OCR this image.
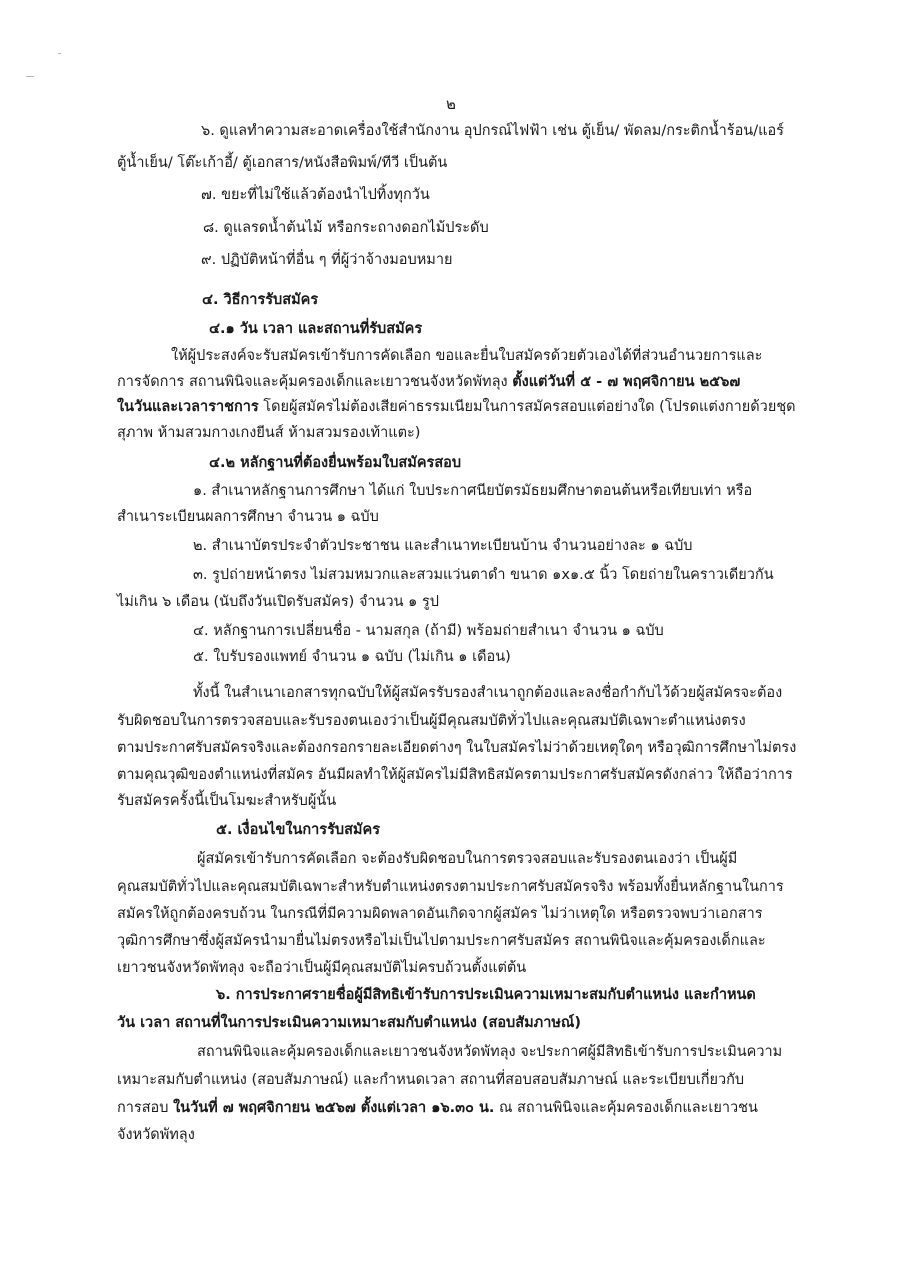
๒
๖. ดูแลทำความสะอาดเครื่องใช้สำนักงาน อุปกรณ์ไฟฟ้า เช่น ตู้เย็น/ พัดลม/กระติกน้ำร้อน/แอร์
ตู้น้ำเย็น/ โต๊ะเก้าอี้/ ตู้เอกสาร/หนังสือพิมพ์/ทีวี เป็นต้น
๗. ขยะที่ไม่ใช้แล้วต้องนำไปทิ้งทุกวัน
๘. ดูแลรดน้ำต้นไม้ หรือกระถางดอกไม้ประดับ
๙. ปฏิบัติหน้าที่อื่น ๆ ที่ผู้ว่าจ้างมอบหมาย
๔. วิธีการรับสมัคร
๔.๑ วัน เวลา และสถานที่รับสมัคร
ให้ผู้ประสงค์จะรับสมัครเข้ารับการคัดเลือก ขอและยื่นใบสมัครด้วยตัวเองได้ที่ส่วนอำนวยการและ
การจัดการ สถานพินิจและคุ้มครองเด็กและเยาวชนจังหวัดพัทลุง ตั้งแต่วันที่ ๕ - ๗ พฤศจิกายน ๒๕๖๗
ในวันและเวลาราชการ โดยผู้สมัครไม่ต้องเสียค่าธรรมเนียมในการสมัครสอบแต่อย่างใด (โปรดแต่งกายด้วยชุด
สุภาพ ห้ามสวมกางเกงยีนส์ ห้ามสวมรองเท้าแตะ)
๔.๒ หลักฐานที่ต้องยื่นพร้อมใบสมัครสอบ
๑. สำเนาหลักฐานการศึกษา ได้แก่ ใบประกาศนียบัตรมัธยมศึกษาตอนต้นหรือเทียบเท่า หรือ
สำเนาระเบียนผลการศึกษา จำนวน ๑ ฉบับ
๒. สำเนาบัตรประจำตัวประชาชน และสำเนาทะเบียนบ้าน จำนวนอย่างละ ๑ ฉบับ
๓. รูปถ่ายหน้าตรง ไม่สวมหมวกและสวมแว่นตาดำ ขนาด ๑x๑.๕ นิ้ว โดยถ่ายในคราวเดียวกัน
ไม่เกิน ๖ เดือน (นับถึงวันเปิดรับสมัคร) จำนวน ๑ รูป
๔. หลักฐานการเปลี่ยนชื่อ - นามสกุล (ถ้ามี) พร้อมถ่ายสำเนา จำนวน ๑ ฉบับ
๕. ใบรับรองแพทย์ จำนวน ๑ ฉบับ (ไม่เกิน ๑ เดือน)
ทั้งนี้ ในสำเนาเอกสารทุกฉบับให้ผู้สมัครรับรองสำเนาถูกต้องและลงชื่อกำกับไว้ด้วยผู้สมัครจะต้อง
รับผิดชอบในการตรวจสอบและรับรองตนเองว่าเป็นผู้มีคุณสมบัติทั่วไปและคุณสมบัติเฉพาะตำแหน่งตรง
ตามประกาศรับสมัครจริงและต้องกรอกรายละเอียดต่างๆ ในใบสมัครไม่ว่าด้วยเหตุใดๆ หรือวุฒิการศึกษาไม่ตรง
ตามคุณวุฒิของตำแหน่งที่สมัคร อันมีผลทำให้ผู้สมัครไม่มีสิทธิสมัครตามประกาศรับสมัครดังกล่าว ให้ถือว่าการ
รับสมัครครั้งนี้เป็นโมฆะสำหรับผู้นั้น
๕. เงื่อนไขในการรับสมัคร
ผู้สมัครเข้ารับการคัดเลือก จะต้องรับผิดชอบในการตรวจสอบและรับรองตนเองว่า เป็นผู้มี
คุณสมบัติทั่วไปและคุณสมบัติเฉพาะสำหรับตำแหน่งตรงตามประกาศรับสมัครจริง พร้อมทั้งยื่นหลักฐานในการ
สมัครให้ถูกต้องครบถ้วน ในกรณีที่มีความผิดพลาดอันเกิดจากผู้สมัคร ไม่ว่าเหตุใด หรือตรวจพบว่าเอกสาร
วุฒิการศึกษาซึ่งผู้สมัครนำมายื่นไม่ตรงหรือไม่เป็นไปตามประกาศรับสมัคร สถานพินิจและคุ้มครองเด็กและ
เยาวชนจังหวัดพัทลุง จะถือว่าเป็นผู้มีคุณสมบัติไม่ครบถ้วนตั้งแต่ต้น
๖. การประกาศรายชื่อผู้มีสิทธิเข้ารับการประเมินความเหมาะสมกับตำแหน่ง และกำหนด
วัน เวลา สถานที่ในการประเมินความเหมาะสมกับตำแหน่ง (สอบสัมภาษณ์)
สถานพินิจและคุ้มครองเด็กและเยาวชนจังหวัดพัทลุง จะประกาศผู้มีสิทธิเข้ารับการประเมินความ
เหมาะสมกับตำแหน่ง (สอบสัมภาษณ์) และกำหนดเวลา สถานที่สอบสอบสัมภาษณ์ และระเบียบเกี่ยวกับ
การสอบ ในวันที่ ๗ พฤศจิกายน ๒๕๖๗ ตั้งแต่เวลา ๑๖.๓๐ น. ณ สถานพินิจและคุ้มครองเด็กและเยาวชน
จังหวัดพัทลุง
